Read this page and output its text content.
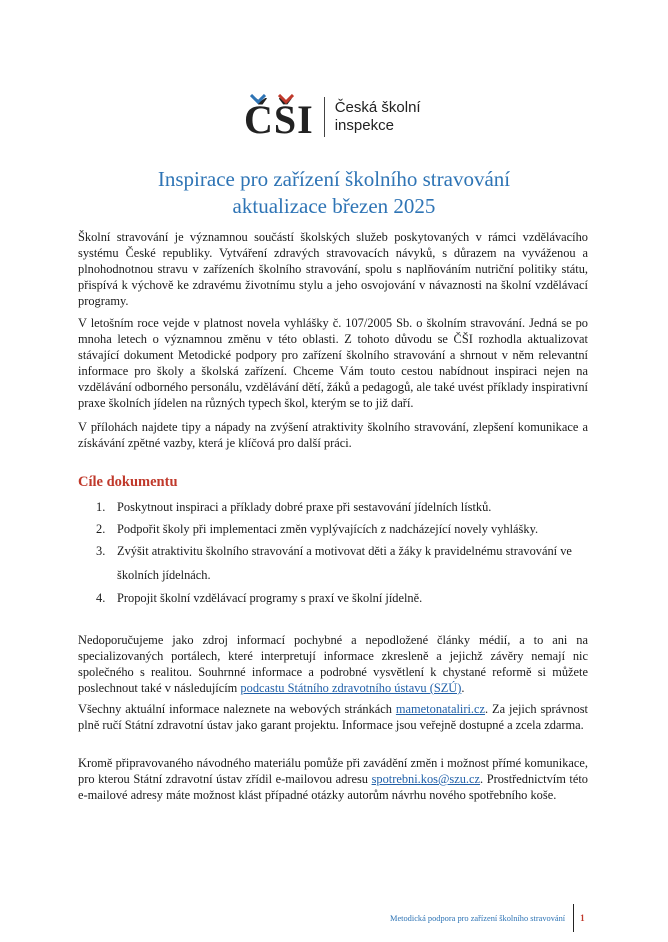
ČŠI Česká školní
inspekce
Inspirace pro zařízení školního stravování
aktualizace březen 2025

Školní stravování je významnou součástí školských služeb poskytovaných v rámci vzdělávacího systému České republiky. Vytváření zdravých stravovacích návyků, s důrazem na vyváženou a plnohodnotnou stravu v zařízeních školního stravování, spolu s naplňováním nutriční politiky státu, přispívá k výchově ke zdravému životnímu stylu a jeho osvojování v návaznosti na školní vzdělávací programy.

V letošním roce vejde v platnost novela vyhlášky č. 107/2005 Sb. o školním stravování. Jedná se po mnoha letech o významnou změnu v této oblasti. Z tohoto důvodu se ČŠI rozhodla aktualizovat stávající dokument Metodické podpory pro zařízení školního stravování a shrnout v něm relevantní informace pro školy a školská zařízení. Chceme Vám touto cestou nabídnout inspiraci nejen na vzdělávání odborného personálu, vzdělávání dětí, žáků a pedagogů, ale také uvést příklady inspirativní praxe školních jídelen na různých typech škol, kterým se to již daří.

V přílohách najdete tipy a nápady na zvýšení atraktivity školního stravování, zlepšení komunikace a získávání zpětné vazby, která je klíčová pro další práci.

Cíle dokumentu
1. Poskytnout inspiraci a příklady dobré praxe při sestavování jídelních lístků.
2. Podpořit školy při implementaci změn vyplývajících z nadcházející novely vyhlášky.
3. Zvýšit atraktivitu školního stravování a motivovat děti a žáky k pravidelnému stravování ve školních jídelnách.
4. Propojit školní vzdělávací programy s praxí ve školní jídelně.

Nedoporučujeme jako zdroj informací pochybné a nepodložené články médií, a to ani na specializovaných portálech, které interpretují informace zkresleně a jejichž závěry nemají nic společného s realitou. Souhrnné informace a podrobné vysvětlení k chystané reformě si můžete poslechnout také v následujícím podcastu Státního zdravotního ústavu (SZÚ).

Všechny aktuální informace naleznete na webových stránkách mametonataliri.cz. Za jejich správnost plně ručí Státní zdravotní ústav jako garant projektu. Informace jsou veřejně dostupné a zcela zdarma.

Kromě připravovaného návodného materiálu pomůže při zavádění změn i možnost přímé komunikace, pro kterou Státní zdravotní ústav zřídil e-mailovou adresu spotrebni.kos@szu.cz. Prostřednictvím této e-mailové adresy máte možnost klást případné otázky autorům návrhu nového spotřebního koše.

Metodická podpora pro zařízení školního stravování 1
